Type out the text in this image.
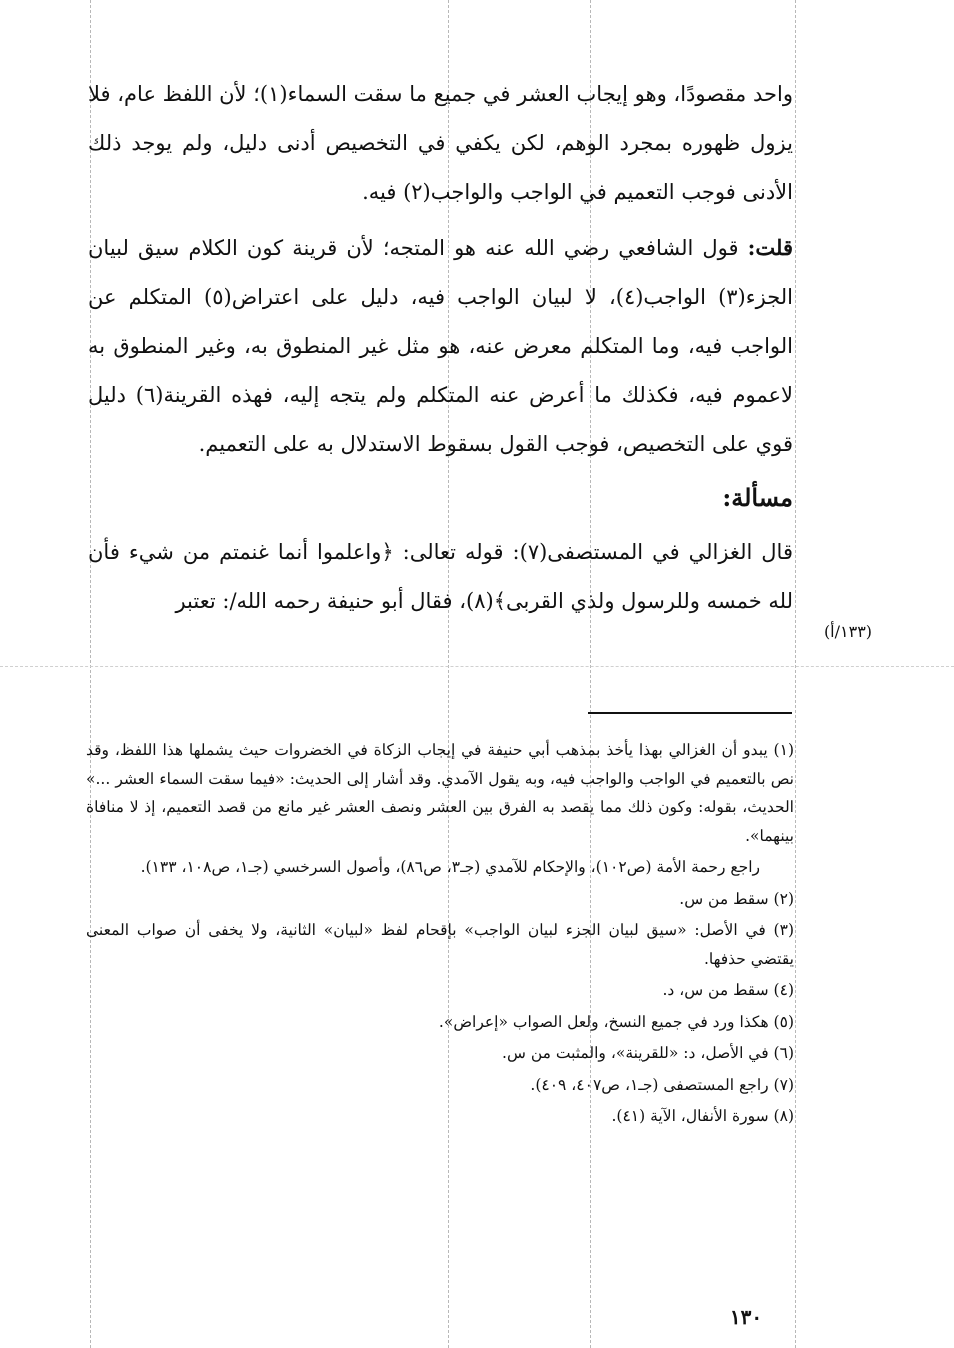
واحد مقصودًا، وهو إيجاب العشر في جميع ما سقت السماء(١)؛ لأن اللفظ عام، فلا يزول ظهوره بمجرد الوهم، لكن يكفي في التخصيص أدنى دليل، ولم يوجد ذلك الأدنى فوجب التعميم في الواجب والواجب(٢) فيه.

قلت: قول الشافعي رضي الله عنه هو المتجه؛ لأن قرينة كون الكلام سيق لبيان الجزء(٣) الواجب(٤)، لا لبيان الواجب فيه، دليل على اعتراض(٥) المتكلم عن الواجب فيه، وما المتكلم معرض عنه، هو مثل غير المنطوق به، وغير المنطوق به لاعموم فيه، فكذلك ما أعرض عنه المتكلم ولم يتجه إليه، فهذه القرينة(٦) دليل قوي على التخصيص، فوجب القول بسقوط الاستدلال به على التعميم.

مسألة:

قال الغزالي في المستصفى(٧): قوله تعالى: ﴿واعلموا أنما غنمتم من شيء فأن لله خمسه وللرسول ولذي القربى﴾(٨)، فقال أبو حنيفة رحمه الله/: تعتبر

(١٣٣/أ)

(١) يبدو أن الغزالي بهذا يأخذ بمذهب أبي حنيفة في إيجاب الزكاة في الخضروات حيث يشملها هذا اللفظ، وقد نص بالتعميم في الواجب والواجب فيه، وبه يقول الآمدي. وقد أشار إلى الحديث: «فيما سقت السماء العشر ...» الحديث، بقوله: وكون ذلك مما يقصد به الفرق بين العشر ونصف العشر غير مانع من قصد التعميم، إذ لا منافاة بينهما».

راجع رحمة الأمة (ص١٠٢)، والإحكام للآمدي (جـ٣، ص٨٦)، وأصول السرخسي (جـ١، ص١٠٨، ١٣٣).

(٢) سقط من س.

(٣) في الأصل: «سيق لبيان الجزء لبيان الواجب» بإقحام لفظ «لبيان» الثانية، ولا يخفى أن صواب المعنى يقتضي حذفها.

(٤) سقط من س، د.

(٥) هكذا ورد في جميع النسخ، ولعل الصواب «إعراض».

(٦) في الأصل، د: «للقرينة»، والمثبت من س.

(٧) راجع المستصفى (جـ١، ص٤٠٧، ٤٠٩).

(٨) سورة الأنفال، الآية (٤١).

١٣٠
